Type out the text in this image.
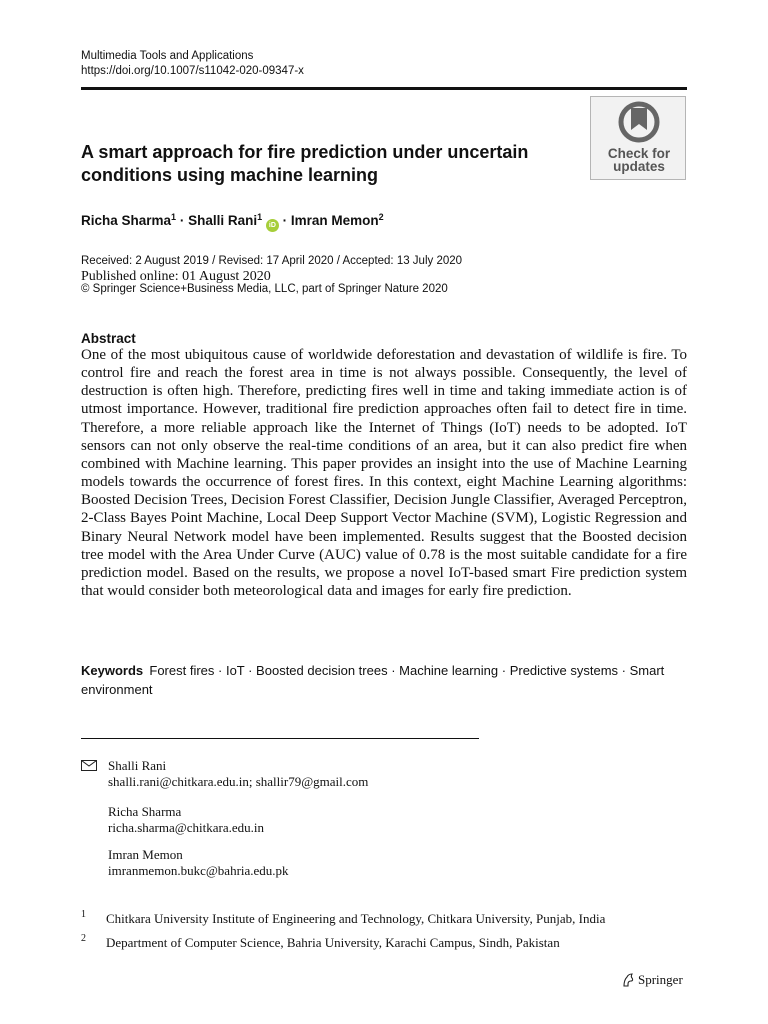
Multimedia Tools and Applications
https://doi.org/10.1007/s11042-020-09347-x
A smart approach for fire prediction under uncertain
conditions using machine learning
Check for
updates
Richa Sharma$^1$ · Shalli Rani$^1$ iD · Imran Memon$^2$
Received: 2 August 2019 / Revised: 17 April 2020 / Accepted: 13 July 2020
Published online: 01 August 2020
© Springer Science+Business Media, LLC, part of Springer Nature 2020
Abstract

One of the most ubiquitous cause of worldwide deforestation and devastation of wildlife is fire. To control fire and reach the forest area in time is not always possible. Consequently, the level of destruction is often high. Therefore, predicting fires well in time and taking immediate action is of utmost importance. However, traditional fire prediction approaches often fail to detect fire in time. Therefore, a more reliable approach like the Internet of Things (IoT) needs to be adopted. IoT sensors can not only observe the real-time conditions of an area, but it can also predict fire when combined with Machine learning. This paper provides an insight into the use of Machine Learning models towards the occurrence of forest fires. In this context, eight Machine Learning algorithms: Boosted Decision Trees, Decision Forest Classifier, Decision Jungle Classifier, Averaged Perceptron, 2-Class Bayes Point Machine, Local Deep Support Vector Machine (SVM), Logistic Regression and Binary Neural Network model have been implemented. Results suggest that the Boosted decision tree model with the Area Under Curve (AUC) value of 0.78 is the most suitable candidate for a fire prediction model. Based on the results, we propose a novel IoT-based smart Fire prediction system that would consider both meteorological data and images for early fire prediction.

Keywords Forest fires · IoT · Boosted decision trees · Machine learning · Predictive systems · Smart environment
Shalli Rani
shalli.rani@chitkara.edu.in; shallir79@gmail.com
Richa Sharma
richa.sharma@chitkara.edu.in
Imran Memon
imranmemon.bukc@bahria.edu.pk
1 Chitkara University Institute of Engineering and Technology, Chitkara University, Punjab, India
2 Department of Computer Science, Bahria University, Karachi Campus, Sindh, Pakistan
Springer
